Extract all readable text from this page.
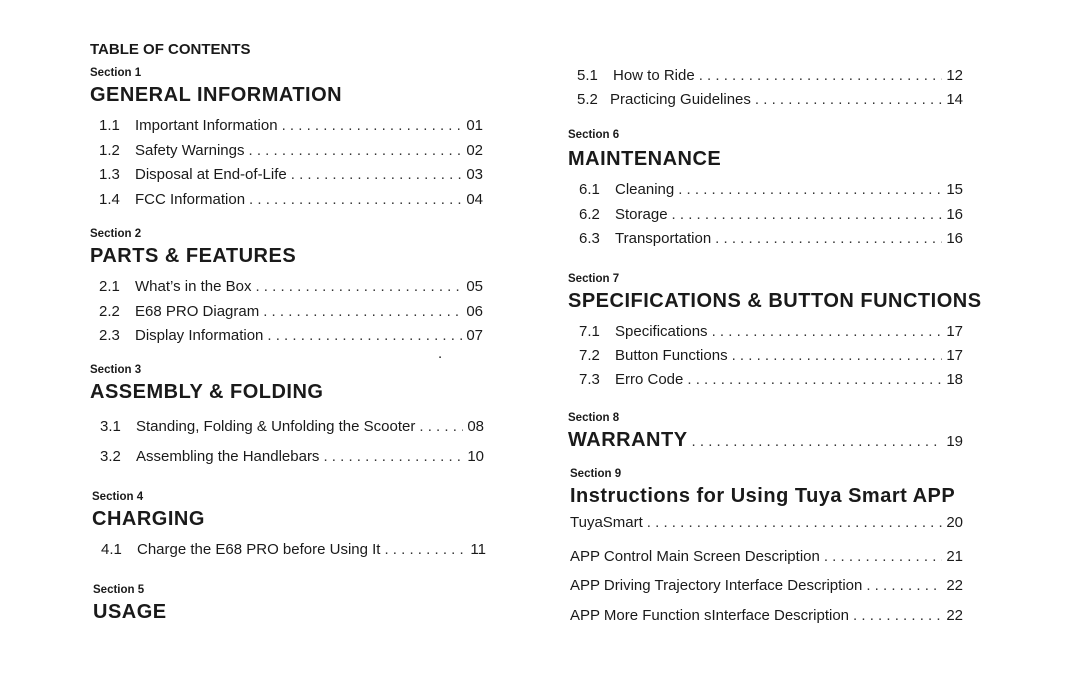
TABLE OF CONTENTS
Section 1
GENERAL INFORMATION
1.1	Important Information . . .	01
1.2	Safety Warnings . . .	02
1.3	Disposal at End-of-Life . . .	03
1.4	FCC Information . . .	04
Section 2
PARTS & FEATURES
2.1	What’s in the Box . . .	05
2.2	E68 PRO Diagram . . .	06
2.3	Display Information . . .	07
.
Section 3
ASSEMBLY & FOLDING
3.1	Standing, Folding & Unfolding the Scooter . . .	08
3.2	Assembling the Handlebars . . .	10
Section 4
CHARGING
4.1	Charge the E68 PRO before Using It . . .	11
Section 5
USAGE
5.1	How to Ride . . .	12
5.2 Practicing Guidelines . . .	14
Section 6
MAINTENANCE
6.1	Cleaning . . .	15
6.2	Storage . . .	16
6.3	Transportation . . .	16
Section 7
SPECIFICATIONS & BUTTON FUNCTIONS
7.1	Specifications . . .	17
7.2	Button Functions . . .	17
7.3	Erro Code . . .	18
Section 8
WARRANTY . . .	19
Section 9
Instructions for Using Tuya Smart APP
TuyaSmart . . .	20
APP Control Main Screen Description . . .	21
APP Driving Trajectory Interface Description . . .	22
APP More Function sInterface Description . . .	22
